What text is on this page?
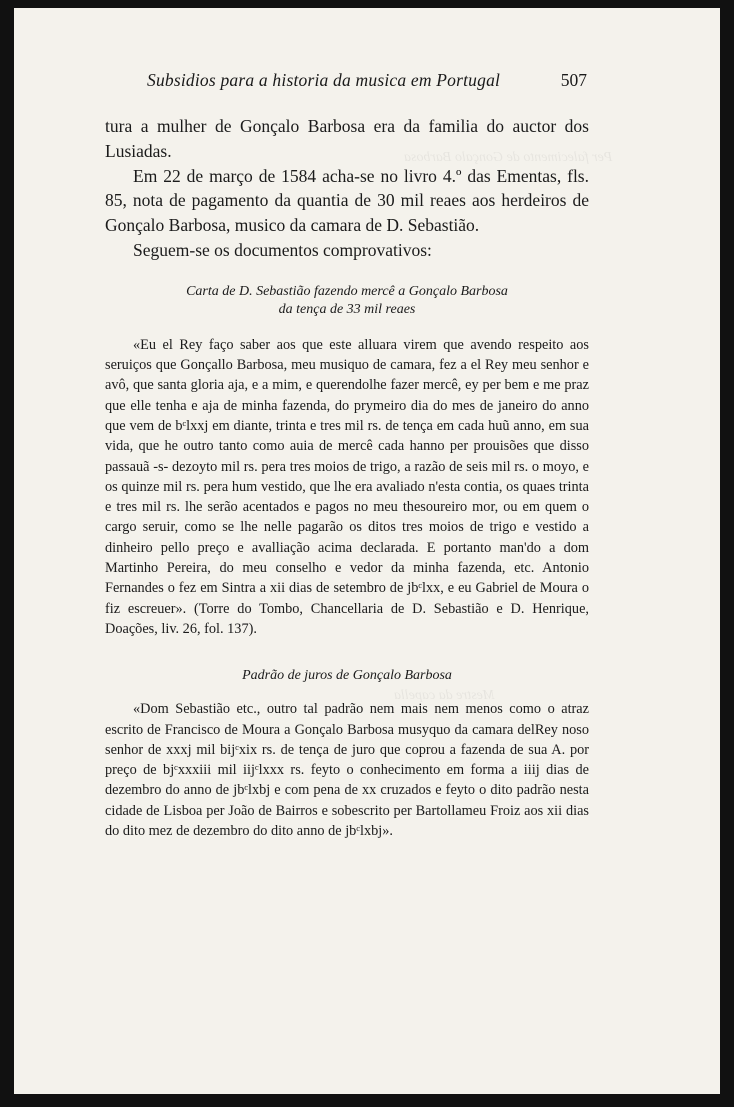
Per falecimento de Gonçalo Barbosa
Mestre da capella
Subsidios para a historia da musica em Portugal	507

tura a mulher de Gonçalo Barbosa era da familia do auctor dos Lusiadas.

Em 22 de março de 1584 acha-se no livro 4.º das Ementas, fls. 85, nota de pagamento da quantia de 30 mil reaes aos herdeiros de Gonçalo Barbosa, musico da camara de D. Sebastião.

Seguem-se os documentos comprovativos:

Carta de D. Sebastião fazendo mercê a Gonçalo Barbosa
da tença de 33 mil reaes

«Eu el Rey faço saber aos que este alluara virem que avendo respeito aos seruiços que Gonçallo Barbosa, meu musiquo de camara, fez a el Rey meu senhor e avô, que santa gloria aja, e a mim, e querendolhe fazer mercê, ey per bem e me praz que elle tenha e aja de minha fazenda, do prymeiro dia do mes de janeiro do anno que vem de bᶜlxxj em diante, trinta e tres mil rs. de tença em cada huũ anno, em sua vida, que he outro tanto como auia de mercê cada hanno per prouisões que disso passauã -s- dezoyto mil rs. pera tres moios de trigo, a razão de seis mil rs. o moyo, e os quinze mil rs. pera hum vestido, que lhe era avaliado n'esta contia, os quaes trinta e tres mil rs. lhe serão acentados e pagos no meu thesoureiro mor, ou em quem o cargo seruir, como se lhe nelle pagarão os ditos tres moios de trigo e vestido a dinheiro pello preço e avalliação acima declarada. E portanto man'do a dom Martinho Pereira, do meu conselho e vedor da minha fazenda, etc. Antonio Fernandes o fez em Sintra a xii dias de setembro de jbᶜlxx, e eu Gabriel de Moura o fiz escreuer». (Torre do Tombo, Chancellaria de D. Sebastião e D. Henrique, Doações, liv. 26, fol. 137).

Padrão de juros de Gonçalo Barbosa

«Dom Sebastião etc., outro tal padrão nem mais nem menos como o atraz escrito de Francisco de Moura a Gonçalo Barbosa musyquo da camara delRey noso senhor de xxxj mil bijᶜxix rs. de tença de juro que coprou a fazenda de sua A. por preço de bjᶜxxxiii mil iijᶜlxxx rs. feyto o conhecimento em forma a iiij dias de dezembro do anno de jbᶜlxbj e com pena de xx cruzados e feyto o dito padrão nesta cidade de Lisboa per João de Bairros e sobescrito per Bartollameu Froiz aos xii dias do dito mez de dezembro do dito anno de jbᶜlxbj».
